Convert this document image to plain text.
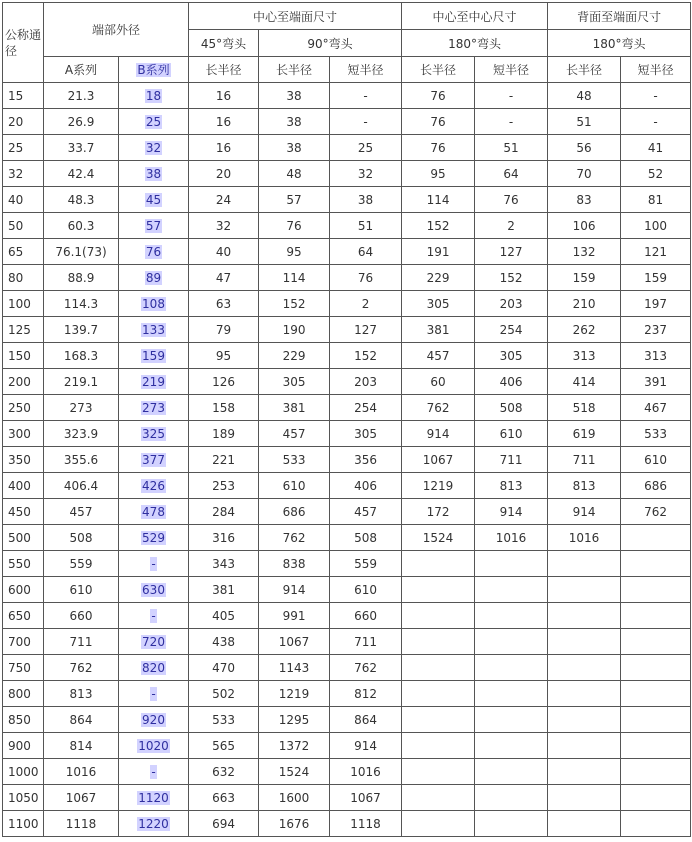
公称通径	端部外径		中心至端面尺寸			中心至中心尺寸		背面至端面尺寸	
			45°弯头	90°弯头		180°弯头		180°弯头	
	A系列	B系列	长半径	长半径	短半径	长半径	短半径	长半径	短半径
15	21.3	18	16	38	-	76	-	48	-
20	26.9	25	16	38	-	76	-	51	-
25	33.7	32	16	38	25	76	51	56	41
32	42.4	38	20	48	32	95	64	70	52
40	48.3	45	24	57	38	114	76	83	81
50	60.3	57	32	76	51	152	2	106	100
65	76.1(73)	76	40	95	64	191	127	132	121
80	88.9	89	47	114	76	229	152	159	159
100	114.3	108	63	152	2	305	203	210	197
125	139.7	133	79	190	127	381	254	262	237
150	168.3	159	95	229	152	457	305	313	313
200	219.1	219	126	305	203	60	406	414	391
250	273	273	158	381	254	762	508	518	467
300	323.9	325	189	457	305	914	610	619	533
350	355.6	377	221	533	356	1067	711	711	610
400	406.4	426	253	610	406	1219	813	813	686
450	457	478	284	686	457	172	914	914	762
500	508	529	316	762	508	1524	1016	1016	
550	559	-	343	838	559				
600	610	630	381	914	610				
650	660	-	405	991	660				
700	711	720	438	1067	711				
750	762	820	470	1143	762				
800	813	-	502	1219	812				
850	864	920	533	1295	864				
900	814	1020	565	1372	914				
1000	1016	-	632	1524	1016				
1050	1067	1120	663	1600	1067				
1100	1118	1220	694	1676	1118				
